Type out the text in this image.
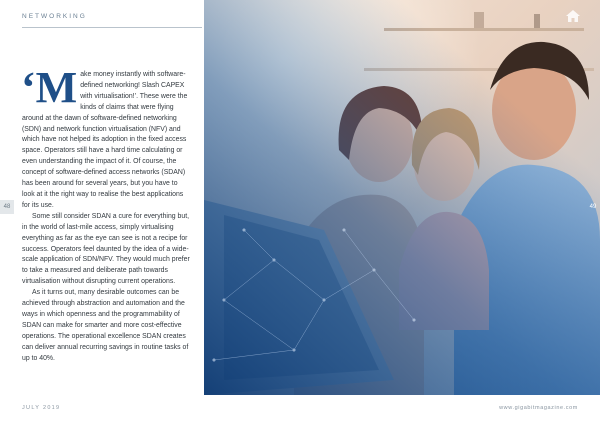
NETWORKING

‘Make money instantly with software-defined networking! Slash CAPEX with virtualisation!’. These were the kinds of claims that were flying around at the dawn of software-defined networking (SDN) and network function virtualisation (NFV) and which have not helped its adoption in the fixed access space. Operators still have a hard time calculating or even understanding the impact of it. Of course, the concept of software-defined access networks (SDAN) has been around for several years, but you have to look at it the right way to realise the best applications for its use.

Some still consider SDAN a cure for everything but, in the world of last-mile access, simply virtualising everything as far as the eye can see is not a recipe for success. Operators feel daunted by the idea of a wide-scale application of SDN/NFV. They would much prefer to take a measured and deliberate path towards virtualisation without disrupting current operations.

As it turns out, many desirable outcomes can be achieved through abstraction and automation and the ways in which openness and the programmability of SDAN can make for smarter and more cost-effective operations. The operational excellence SDAN creates can deliver annual recurring savings in routine tasks of up to 40%.

48	49
JULY 2019	www.gigabitmagazine.com
